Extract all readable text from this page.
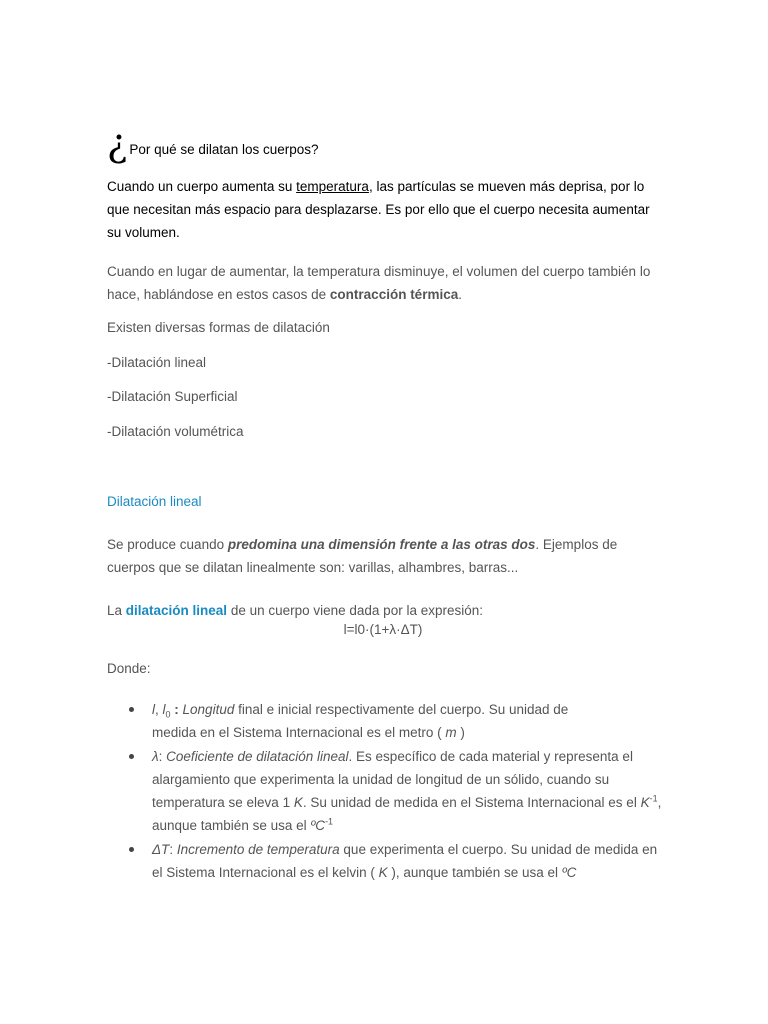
¿ Por qué se dilatan los cuerpos?

Cuando un cuerpo aumenta su temperatura, las partículas se mueven más deprisa, por lo que necesitan más espacio para desplazarse. Es por ello que el cuerpo necesita aumentar su volumen.

Cuando en lugar de aumentar, la temperatura disminuye, el volumen del cuerpo también lo hace, hablándose en estos casos de contracción térmica.

Existen diversas formas de dilatación

-Dilatación lineal

-Dilatación Superficial

-Dilatación volumétrica

Dilatación lineal

Se produce cuando predomina una dimensión frente a las otras dos. Ejemplos de cuerpos que se dilatan linealmente son: varillas, alhambres, barras...

La dilatación lineal de un cuerpo viene dada por la expresión:

l=l0·(1+λ·ΔT)

Donde:

l, $l_0$ : Longitud final e inicial respectivamente del cuerpo. Su unidad de medida en el Sistema Internacional es el metro ( m )
λ: Coeficiente de dilatación lineal. Es específico de cada material y representa el alargamiento que experimenta la unidad de longitud de un sólido, cuando su temperatura se eleva 1 K. Su unidad de medida en el Sistema Internacional es el $K^{-1}$, aunque también se usa el ºC$^{-1}$
ΔT: Incremento de temperatura que experimenta el cuerpo. Su unidad de medida en el Sistema Internacional es el kelvin ( K ), aunque también se usa el ºC
